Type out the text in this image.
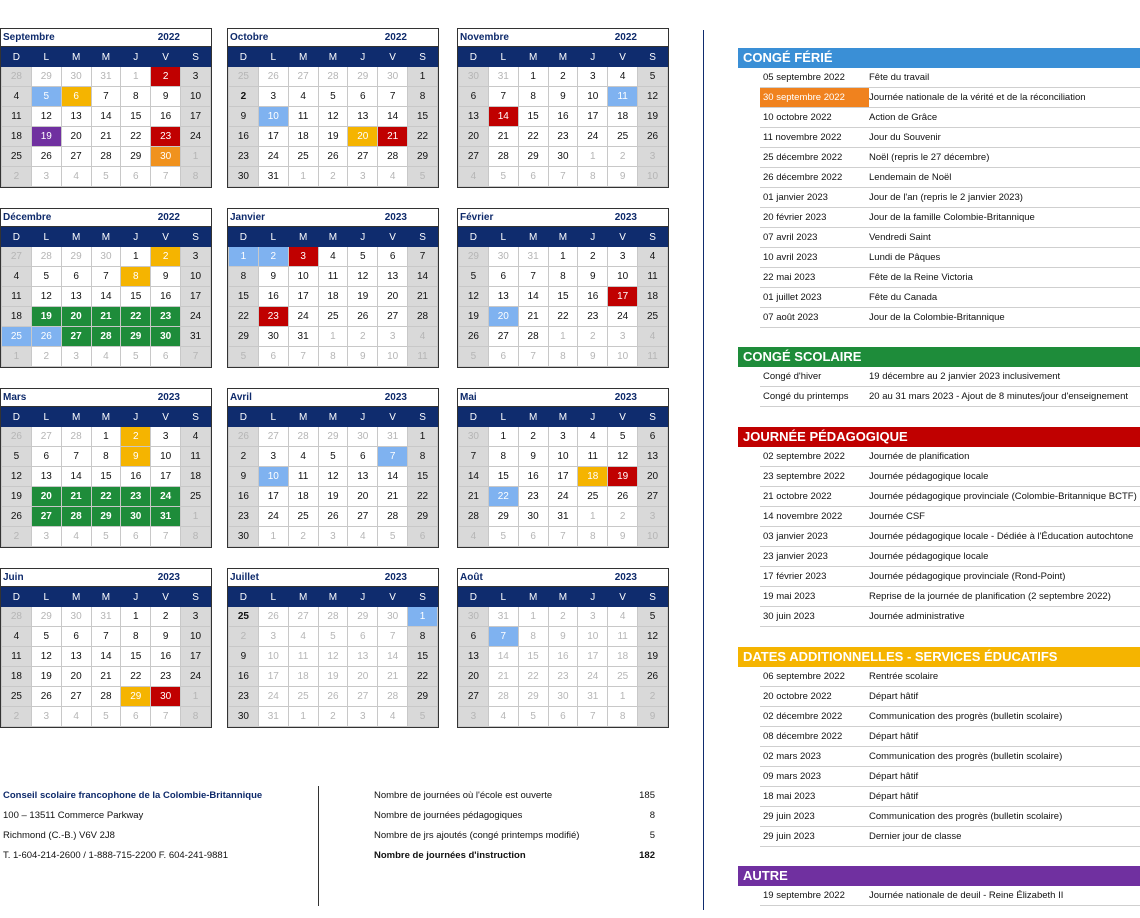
Septembre	2022
D	L	M	M	J	V	S
28	29	30	31	1	2	3
4	5	6	7	8	9	10
11	12	13	14	15	16	17
18	19	20	21	22	23	24
25	26	27	28	29	30	1
2	3	4	5	6	7	8
Octobre	2022
D	L	M	M	J	V	S
25	26	27	28	29	30	1
2	3	4	5	6	7	8
9	10	11	12	13	14	15
16	17	18	19	20	21	22
23	24	25	26	27	28	29
30	31	1	2	3	4	5
Novembre	2022
D	L	M	M	J	V	S
30	31	1	2	3	4	5
6	7	8	9	10	11	12
13	14	15	16	17	18	19
20	21	22	23	24	25	26
27	28	29	30	1	2	3
4	5	6	7	8	9	10
Décembre	2022
D	L	M	M	J	V	S
27	28	29	30	1	2	3
4	5	6	7	8	9	10
11	12	13	14	15	16	17
18	19	20	21	22	23	24
25	26	27	28	29	30	31
1	2	3	4	5	6	7
Janvier	2023
D	L	M	M	J	V	S
1	2	3	4	5	6	7
8	9	10	11	12	13	14
15	16	17	18	19	20	21
22	23	24	25	26	27	28
29	30	31	1	2	3	4
5	6	7	8	9	10	11
Février	2023
D	L	M	M	J	V	S
29	30	31	1	2	3	4
5	6	7	8	9	10	11
12	13	14	15	16	17	18
19	20	21	22	23	24	25
26	27	28	1	2	3	4
5	6	7	8	9	10	11
Mars	2023
D	L	M	M	J	V	S
26	27	28	1	2	3	4
5	6	7	8	9	10	11
12	13	14	15	16	17	18
19	20	21	22	23	24	25
26	27	28	29	30	31	1
2	3	4	5	6	7	8
Avril	2023
D	L	M	M	J	V	S
26	27	28	29	30	31	1
2	3	4	5	6	7	8
9	10	11	12	13	14	15
16	17	18	19	20	21	22
23	24	25	26	27	28	29
30	1	2	3	4	5	6
Mai	2023
D	L	M	M	J	V	S
30	1	2	3	4	5	6
7	8	9	10	11	12	13
14	15	16	17	18	19	20
21	22	23	24	25	26	27
28	29	30	31	1	2	3
4	5	6	7	8	9	10
Juin	2023
D	L	M	M	J	V	S
28	29	30	31	1	2	3
4	5	6	7	8	9	10
11	12	13	14	15	16	17
18	19	20	21	22	23	24
25	26	27	28	29	30	1
2	3	4	5	6	7	8
Juillet	2023
D	L	M	M	J	V	S
25	26	27	28	29	30	1
2	3	4	5	6	7	8
9	10	11	12	13	14	15
16	17	18	19	20	21	22
23	24	25	26	27	28	29
30	31	1	2	3	4	5
Août	2023
D	L	M	M	J	V	S
30	31	1	2	3	4	5
6	7	8	9	10	11	12
13	14	15	16	17	18	19
20	21	22	23	24	25	26
27	28	29	30	31	1	2
3	4	5	6	7	8	9
CONGÉ FÉRIÉ
05 septembre 2022	Fête du travail
30 septembre 2022	Journée nationale de la vérité et de la réconciliation
10 octobre 2022	Action de Grâce
11 novembre 2022	Jour du Souvenir
25 décembre 2022	Noël (repris le 27 décembre)
26 décembre 2022	Lendemain de Noël
01 janvier 2023	Jour de l'an (repris le 2 janvier 2023)
20 février 2023	Jour de la famille Colombie-Britannique
07 avril 2023	Vendredi Saint
10 avril 2023	Lundi de Pâques
22 mai 2023	Fête de la Reine Victoria
01 juillet 2023	Fête du Canada
07 août 2023	Jour de la Colombie-Britannique
CONGÉ SCOLAIRE
Congé d'hiver	19 décembre au 2 janvier 2023 inclusivement
Congé du printemps	20 au 31 mars 2023 - Ajout de 8 minutes/jour d'enseignement
JOURNÉE PÉDAGOGIQUE
02 septembre 2022	Journée de planification
23 septembre 2022	Journée pédagogique locale
21 octobre 2022	Journée pédagogique provinciale (Colombie-Britannique BCTF)
14 novembre 2022	Journée CSF
03 janvier 2023	Journée pédagogique locale - Dédiée à l'Éducation autochtone
23 janvier 2023	Journée pédagogique locale
17 février 2023	Journée pédagogique provinciale (Rond-Point)
19 mai 2023	Reprise de la journée de planification (2 septembre 2022)
30 juin 2023	Journée administrative
DATES ADDITIONNELLES - SERVICES ÉDUCATIFS
06 septembre 2022	Rentrée scolaire
20 octobre 2022	Départ hâtif
02 décembre 2022	Communication des progrès (bulletin scolaire)
08 décembre 2022	Départ hâtif
02 mars 2023	Communication des progrès (bulletin scolaire)
09 mars 2023	Départ hâtif
18 mai 2023	Départ hâtif
29 juin 2023	Communication des progrès (bulletin scolaire)
29 juin 2023	Dernier jour de classe
AUTRE
19 septembre 2022	Journée nationale de deuil - Reine Élizabeth II
Conseil scolaire francophone de la Colombie-Britannique
100 – 13511 Commerce Parkway
Richmond (C.-B.) V6V 2J8
T. 1-604-214-2600 / 1-888-715-2200 F. 604-241-9881
Nombre de journées où l'école est ouverte	185
Nombre de journées pédagogiques	8
Nombre de jrs ajoutés (congé printemps modifié)	5
Nombre de journées d'instruction	182
